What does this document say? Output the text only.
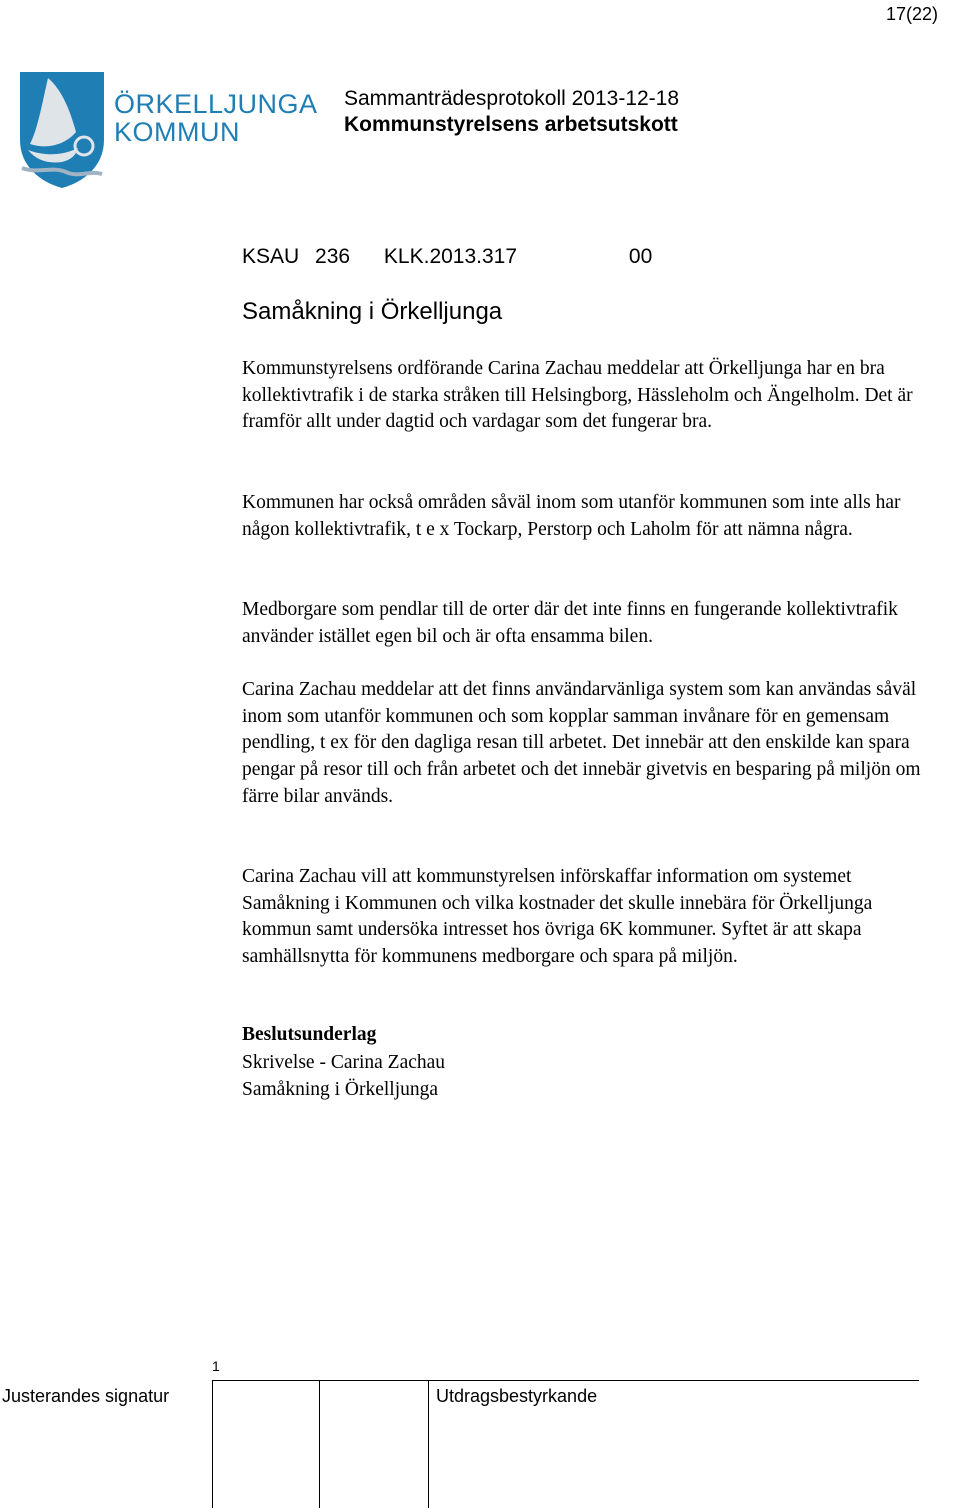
17(22)
ÖRKELLJUNGA
KOMMUN
Sammanträdesprotokoll 2013-12-18
Kommunstyrelsens arbetsutskott
KSAU 236 KLK.2013.317	00
Samåkning i Örkelljunga

Kommunstyrelsens ordförande Carina Zachau meddelar att Örkelljunga har en bra kollektivtrafik i de starka stråken till Helsingborg, Hässleholm och Ängelholm. Det är framför allt under dagtid och vardagar som det fungerar bra.

Kommunen har också områden såväl inom som utanför kommunen som inte alls har någon kollektivtrafik, t e x Tockarp, Perstorp och Laholm för att nämna några.

Medborgare som pendlar till de orter där det inte finns en fungerande kollektivtrafik använder istället egen bil och är ofta ensamma bilen.

Carina Zachau meddelar att det finns användarvänliga system som kan användas såväl inom som utanför kommunen och som kopplar samman invånare för en gemensam pendling, t ex för den dagliga resan till arbetet. Det innebär att den enskilde kan spara pengar på resor till och från arbetet och det innebär givetvis en besparing på miljön om färre bilar används.

Carina Zachau vill att kommunstyrelsen införskaffar information om systemet Samåkning i Kommunen och vilka kostnader det skulle innebära för Örkelljunga kommun samt undersöka intresset hos övriga 6K kommuner. Syftet är att skapa samhällsnytta för kommunens medborgare och spara på miljön.

Beslutsunderlag
Skrivelse - Carina Zachau
Samåkning i Örkelljunga
1
Justerandes signatur	Utdragsbestyrkande
